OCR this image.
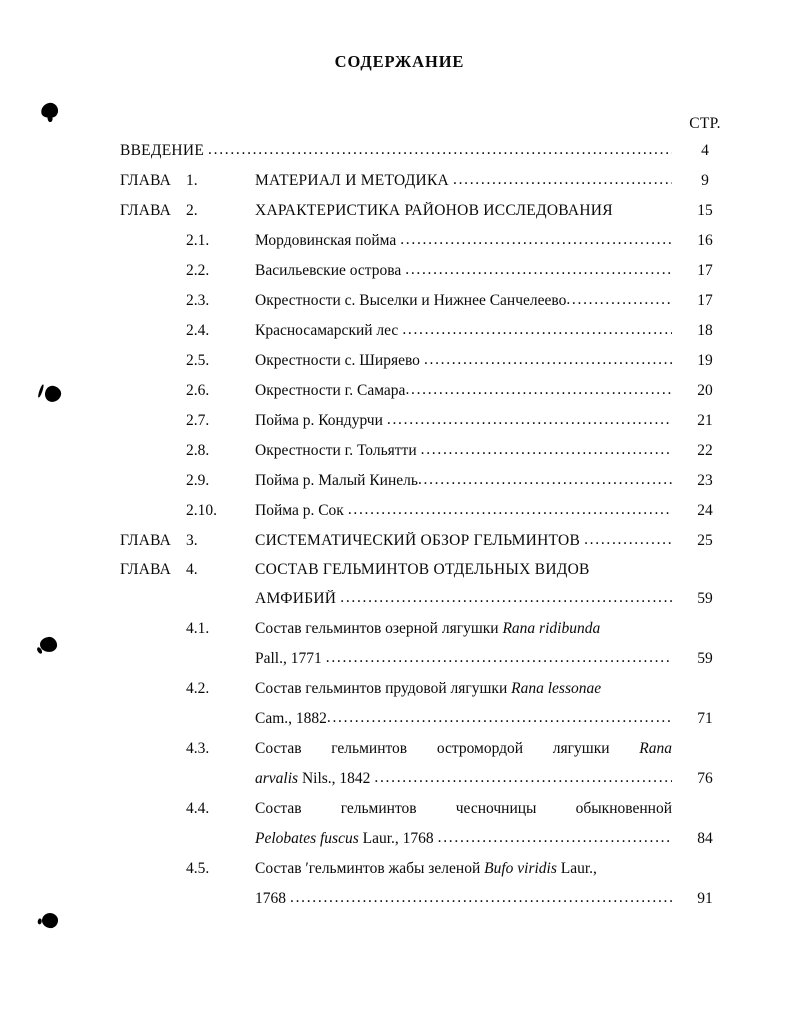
СОДЕРЖАНИЕ
СТР.
ВВЕДЕНИЕ .....	4
ГЛАВА 1.	МАТЕРИАЛ И МЕТОДИКА .....	9
ГЛАВА 2.	ХАРАКТЕРИСТИКА РАЙОНОВ ИССЛЕДОВАНИЯ	15
2.1.	Мордовинская пойма .....	16
2.2.	Васильевские острова .....	17
2.3.	Окрестности с. Выселки и Нижнее Санчелеево .....	17
2.4.	Красносамарский лес .....	18
2.5.	Окрестности с. Ширяево .....	19
2.6.	Окрестности г. Самара .....	20
2.7.	Пойма р. Кондурчи .....	21
2.8.	Окрестности г. Тольятти .....	22
2.9.	Пойма р. Малый Кинель .....	23
2.10.	Пойма р. Сок .....	24
ГЛАВА 3.	СИСТЕМАТИЧЕСКИЙ ОБЗОР ГЕЛЬМИНТОВ .....	25
ГЛАВА 4.	СОСТАВ ГЕЛЬМИНТОВ ОТДЕЛЬНЫХ ВИДОВ
АМФИБИЙ .....	59
4.1.	Состав гельминтов озерной лягушки Rana ridibunda
Pall., 1771 .....	59
4.2.	Состав гельминтов прудовой лягушки Rana lessonae
Cam., 1882 .....	71
4.3.	Состав гельминтов остромордой лягушки Rana
arvalis Nils., 1842 .....	76
4.4.	Состав гельминтов чесночницы обыкновенной
Pelobates fuscus Laur., 1768 .....	84
4.5.	Состав ′гельминтов жабы зеленой Bufo viridis Laur.,
1768 .....	91
